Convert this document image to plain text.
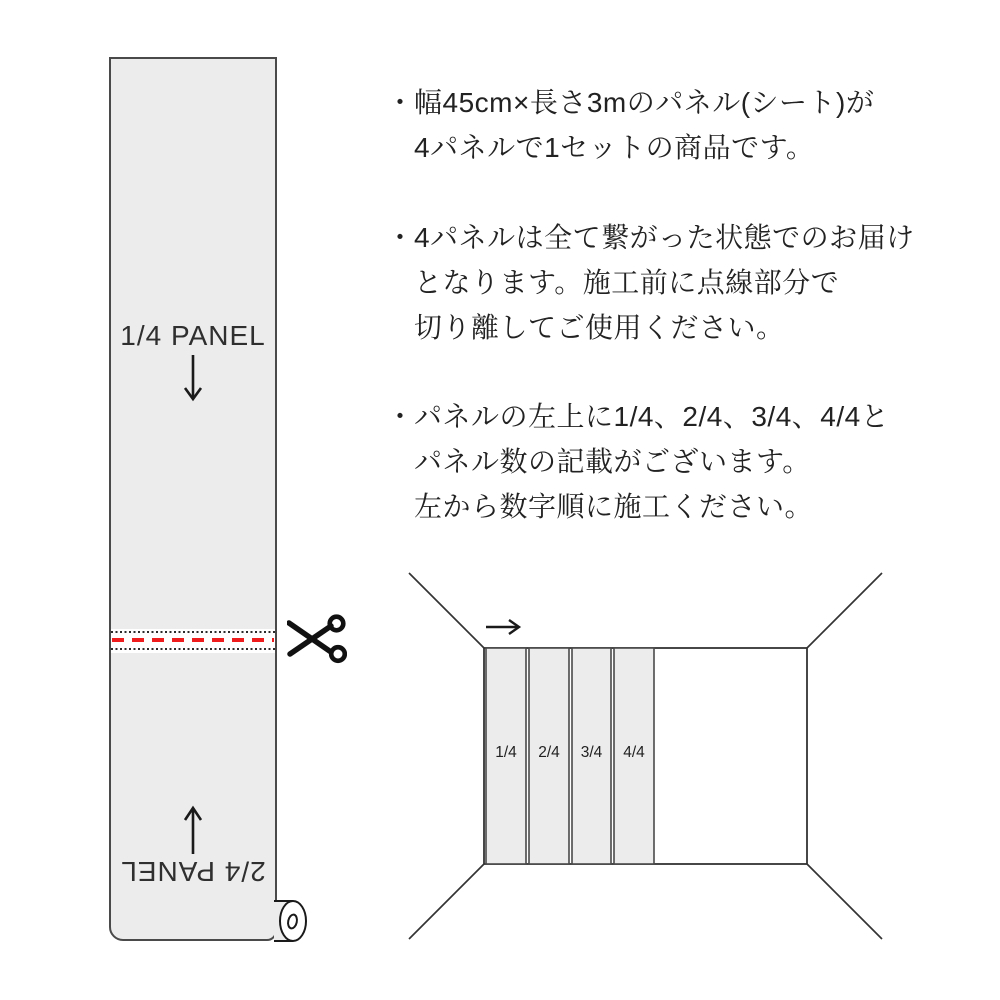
1/4 PANEL
2/4 PANEL
・ 幅45cm×長さ3mのパネル(シート)が
4パネルで1セットの商品です。
・ 4パネルは全て繋がった状態でのお届け
となります。施工前に点線部分で
切り離してご使用ください。
・ パネルの左上に1/4、2/4、3/4、4/4と
パネル数の記載がございます。
左から数字順に施工ください。
1/4 2/4 3/4 4/4
